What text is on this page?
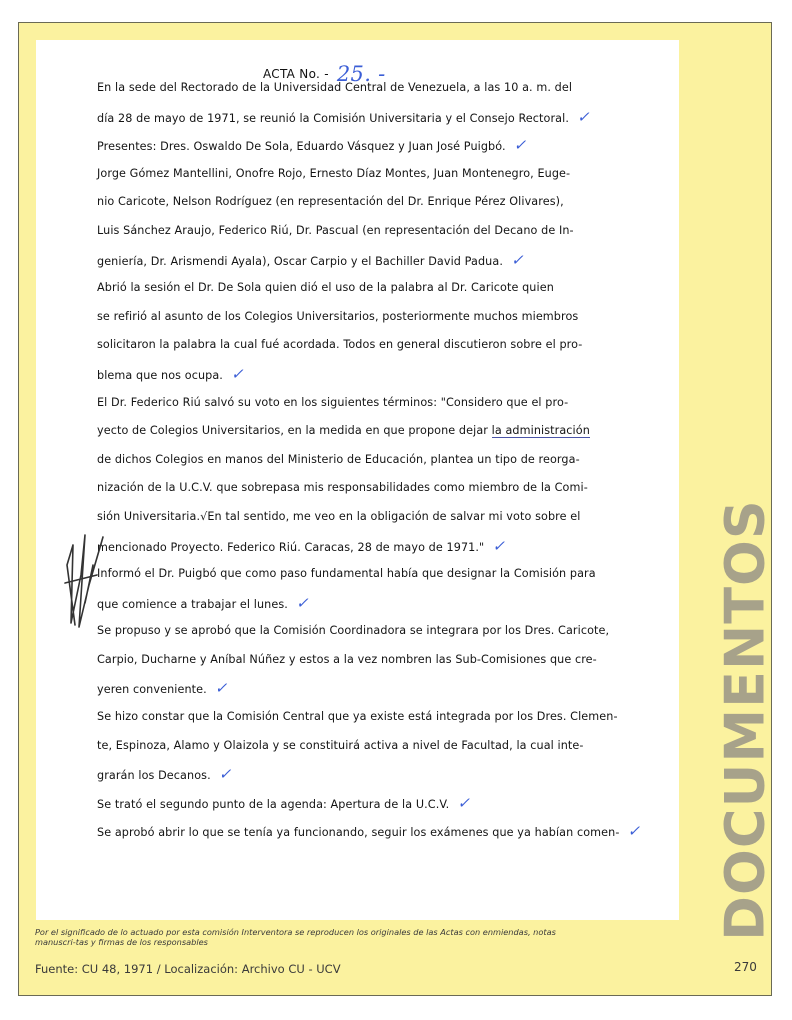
ACTA No. - 25. -
En la sede del Rectorado de la Universidad Central de Venezuela, a las 10 a. m. del
día 28 de mayo de 1971, se reunió la Comisión Universitaria y el Consejo Rectoral. ✓
Presentes: Dres. Oswaldo De Sola, Eduardo Vásquez y Juan José Puigbó. ✓
Jorge Gómez Mantellini, Onofre Rojo, Ernesto Díaz Montes, Juan Montenegro, Euge-
nio Caricote, Nelson Rodríguez (en representación del Dr. Enrique Pérez Olivares),
Luis Sánchez Araujo, Federico Riú, Dr. Pascual (en representación del Decano de In-
geniería, Dr. Arismendi Ayala), Oscar Carpio y el Bachiller David Padua. ✓
Abrió la sesión el Dr. De Sola quien dió el uso de la palabra al Dr. Caricote quien
se refirió al asunto de los Colegios Universitarios, posteriormente muchos miembros
solicitaron la palabra la cual fué acordada. Todos en general discutieron sobre el pro-
blema que nos ocupa. ✓
El Dr. Federico Riú salvó su voto en los siguientes términos: "Considero que el pro-
yecto de Colegios Universitarios, en la medida en que propone dejar la administración
de dichos Colegios en manos del Ministerio de Educación, plantea un tipo de reorga-
nización de la U.C.V. que sobrepasa mis responsabilidades como miembro de la Comi-
sión Universitaria.√En tal sentido, me veo en la obligación de salvar mi voto sobre el
mencionado Proyecto. Federico Riú. Caracas, 28 de mayo de 1971." ✓
Informó el Dr. Puigbó que como paso fundamental había que designar la Comisión para
que comience a trabajar el lunes. ✓
Se propuso y se aprobó que la Comisión Coordinadora se integrara por los Dres. Caricote,
Carpio, Ducharne y Aníbal Núñez y estos a la vez nombren las Sub-Comisiones que cre-
yeren conveniente. ✓
Se hizo constar que la Comisión Central que ya existe está integrada por los Dres. Clemen-
te, Espinoza, Alamo y Olaizola y se constituirá activa a nivel de Facultad, la cual inte-
grarán los Decanos. ✓
Se trató el segundo punto de la agenda: Apertura de la U.C.V. ✓
Se aprobó abrir lo que se tenía ya funcionando, seguir los exámenes que ya habían comen- ✓ DOCUMENTOS
Por el significado de lo actuado por esta comisión Interventora se reproducen los originales de las Actas con enmiendas, notas manuscri-tas y firmas de los responsables
Fuente: CU 48, 1971 / Localización: Archivo CU - UCV	270
